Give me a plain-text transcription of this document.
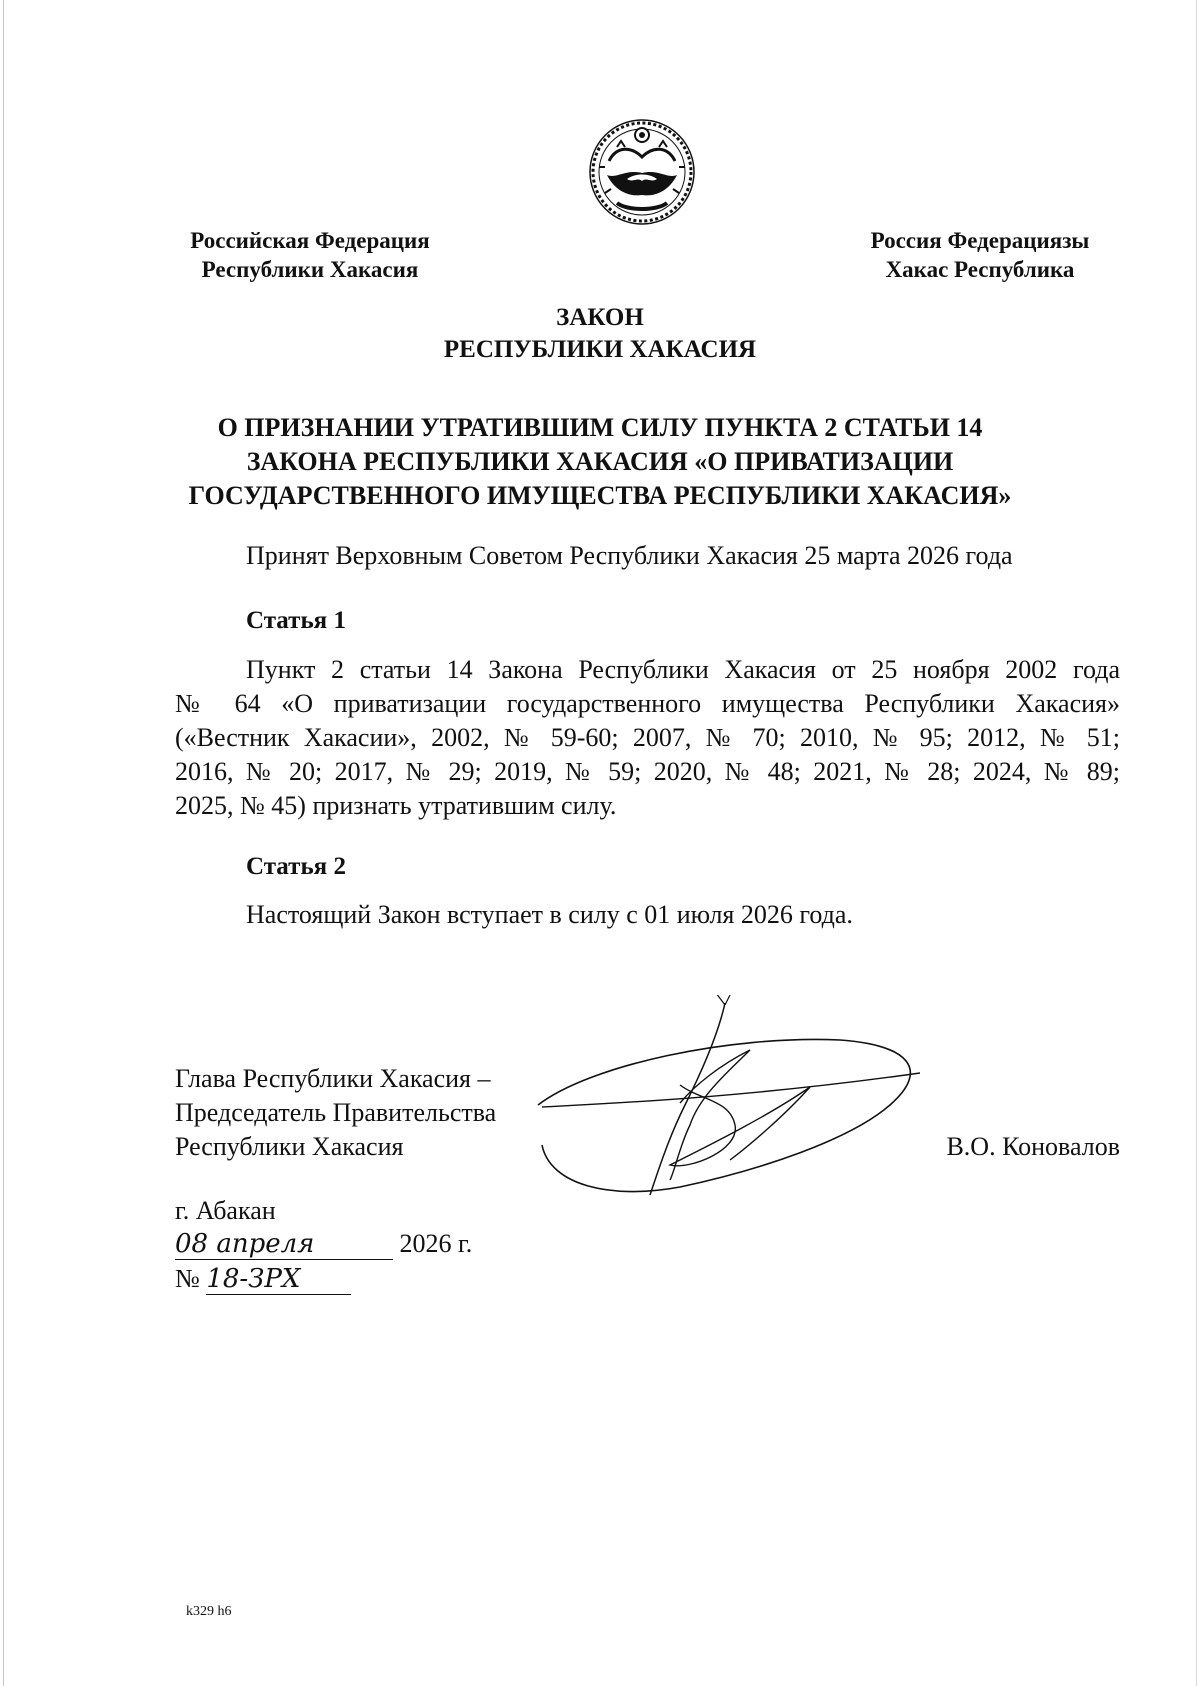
Российская Федерация
Республики Хакасия
Россия Федерациязы
Хакас Республика
ЗАКОН
РЕСПУБЛИКИ ХАКАСИЯ
О ПРИЗНАНИИ УТРАТИВШИМ СИЛУ ПУНКТА 2 СТАТЬИ 14
ЗАКОНА РЕСПУБЛИКИ ХАКАСИЯ «О ПРИВАТИЗАЦИИ
ГОСУДАРСТВЕННОГО ИМУЩЕСТВА РЕСПУБЛИКИ ХАКАСИЯ»
Принят Верховным Советом Республики Хакасия 25 марта 2026 года
Статья 1
Пункт 2 статьи 14 Закона Республики Хакасия от 25 ноября 2002 года
№ 64 «О приватизации государственного имущества Республики Хакасия»
(«Вестник Хакасии», 2002, № 59-60; 2007, № 70; 2010, № 95; 2012, № 51;
2016, № 20; 2017, № 29; 2019, № 59; 2020, № 48; 2021, № 28; 2024, № 89;
2025, № 45) признать утратившим силу.
Статья 2
Настоящий Закон вступает в силу с 01 июля 2026 года.
Глава Республики Хакасия –
Председатель Правительства
Республики Хакасия	В.О. Коновалов
г. Абакан
08 апреля	2026 г.
№ 18-ЗРХ
k329 h6
